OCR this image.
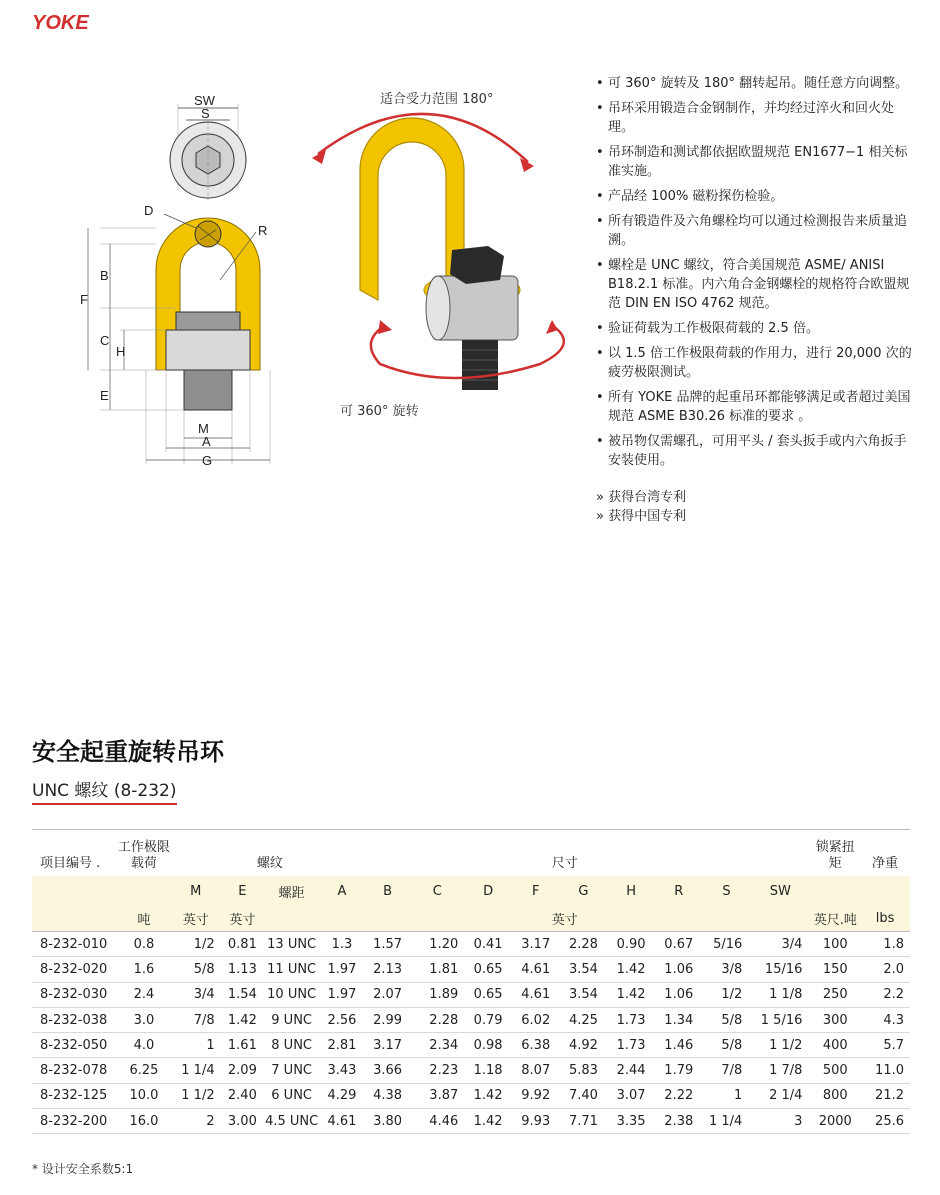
YOKE
SW
S
D
R
B
F
C
H
E
M
A
G
适合受力范围 180°
可 360° 旋转
• 可 360° 旋转及 180° 翻转起吊。随任意方向调整。
• 吊环采用锻造合金钢制作，并均经过淬火和回火处理。
• 吊环制造和测试都依据欧盟规范 EN1677−1 相关标准实施。
• 产品经 100% 磁粉探伤检验。
• 所有锻造件及六角螺栓均可以通过检测报告来质量追溯。
• 螺栓是 UNC 螺纹，符合美国规范 ASME/ ANISI B18.2.1 标准。内六角合金钢螺栓的规格符合欧盟规范 DIN EN ISO 4762 规范。
• 验证荷载为工作极限荷载的 2.5 倍。
• 以 1.5 倍工作极限荷载的作用力，进行 20,000 次的疲劳极限测试。
• 所有 YOKE 品牌的起重吊环都能够满足或者超过美国规范 ASME B30.26 标准的要求 。
• 被吊物仅需螺孔，可用平头 / 套头扳手或内六角扳手安装使用。
» 获得台湾专利
» 获得中国专利
安全起重旋转吊环
UNC 螺纹 (8-232)
项目编号 .	工作极限载荷		螺纹		尺寸										锁紧扭矩	净重
		M	E	螺距	A	B	C	D	F	G	H	R	S	SW		
	吨	英寸	英寸		英寸										英尺.吨	lbs
8-232-010	0.8	1/2	0.81	13 UNC	1.3	1.57	1.20	0.41	3.17	2.28	0.90	0.67	5/16	3/4	100	1.8
8-232-020	1.6	5/8	1.13	11 UNC	1.97	2.13	1.81	0.65	4.61	3.54	1.42	1.06	3/8	15/16	150	2.0
8-232-030	2.4	3/4	1.54	10 UNC	1.97	2.07	1.89	0.65	4.61	3.54	1.42	1.06	1/2	1 1/8	250	2.2
8-232-038	3.0	7/8	1.42	9 UNC	2.56	2.99	2.28	0.79	6.02	4.25	1.73	1.34	5/8	1 5/16	300	4.3
8-232-050	4.0	1	1.61	8 UNC	2.81	3.17	2.34	0.98	6.38	4.92	1.73	1.46	5/8	1 1/2	400	5.7
8-232-078	6.25	1 1/4	2.09	7 UNC	3.43	3.66	2.23	1.18	8.07	5.83	2.44	1.79	7/8	1 7/8	500	11.0
8-232-125	10.0	1 1/2	2.40	6 UNC	4.29	4.38	3.87	1.42	9.92	7.40	3.07	2.22	1	2 1/4	800	21.2
8-232-200	16.0	2	3.00	4.5 UNC	4.61	3.80	4.46	1.42	9.93	7.71	3.35	2.38	1 1/4	3	2000	25.6
* 设计安全系数5:1
